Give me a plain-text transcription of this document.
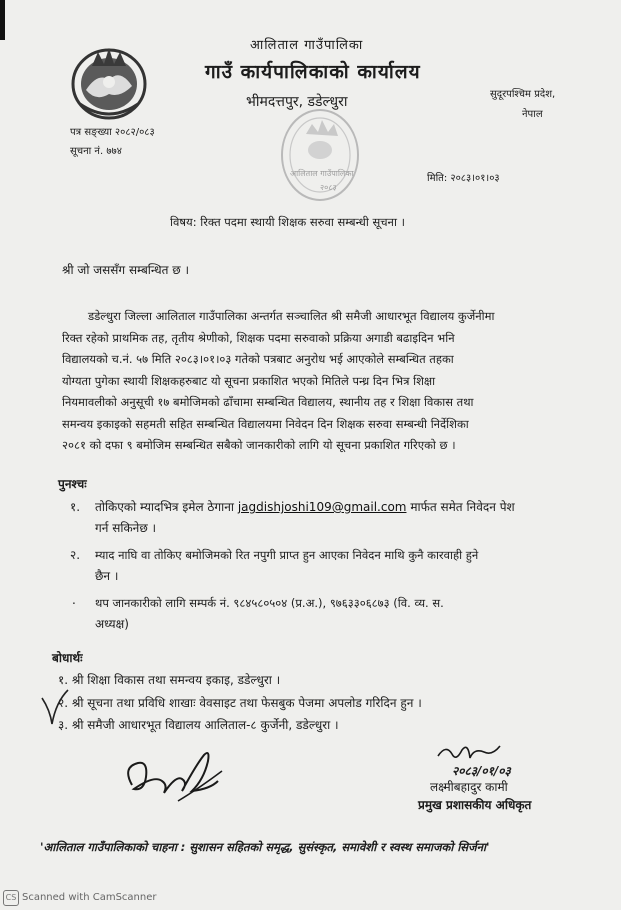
आलिताल गाउँपालिका
गाउँ कार्यपालिकाको कार्यालय
भीमदत्तपुर, डडेल्धुरा	सुदूरपश्चिम प्रदेश,
नेपाल
पत्र सङ्ख्या २०८२/०८३
सूचना नं. ७७४
मिति: २०८३।०१।०३
आलिताल गाउँपालिका
२०८३
विषय: रिक्त पदमा स्थायी शिक्षक सरुवा सम्बन्धी सूचना ।
श्री जो जससँग सम्बन्धित छ ।
डडेल्धुरा जिल्ला आलिताल गाउँपालिका अन्तर्गत सञ्चालित श्री समैजी आधारभूत विद्यालय कुर्जेनीमा
रिक्त रहेको प्राथमिक तह, तृतीय श्रेणीको, शिक्षक पदमा सरुवाको प्रक्रिया अगाडी बढाइदिन भनि
विद्यालयको च.नं. ५७ मिति २०८३।०१।०३ गतेको पत्रबाट अनुरोध भई आएकोले सम्बन्धित तहका
योग्यता पुगेका स्थायी शिक्षकहरुबाट यो सूचना प्रकाशित भएको मितिले पन्ध्र दिन भित्र शिक्षा
नियमावलीको अनुसूची १७ बमोजिमको ढाँचामा सम्बन्धित विद्यालय, स्थानीय तह र शिक्षा विकास तथा
समन्वय इकाइको सहमती सहित सम्बन्धित विद्यालयमा निवेदन दिन शिक्षक सरुवा सम्बन्धी निर्देशिका
२०८१ को दफा ९ बमोजिम सम्बन्धित सबैको जानकारीको लागि यो सूचना प्रकाशित गरिएको छ ।
पुनश्चः
१. तोकिएको म्यादभित्र इमेल ठेगाना jagdishjoshi109@gmail.com मार्फत समेत निवेदन पेश
गर्न सकिनेछ ।
२. म्याद नाघि वा तोकिए बमोजिमको रित नपुगी प्राप्त हुन आएका निवेदन माथि कुनै कारवाही हुने
छैन ।
. थप जानकारीको लागि सम्पर्क नं. ९८४५८०५०४ (प्र.अ.), ९७६३३०६८७३ (वि. व्य. स.
अध्यक्ष)
बोधार्थः
१. श्री शिक्षा विकास तथा समन्वय इकाइ, डडेल्धुरा ।
२. श्री सूचना तथा प्रविधि शाखाः वेवसाइट तथा फेसबुक पेजमा अपलोड गरिदिन हुन ।
३. श्री समैजी आधारभूत विद्यालय आलिताल-८ कुर्जेनी, डडेल्धुरा ।
२०८३/०१/०३
लक्ष्मीबहादुर कामी
प्रमुख प्रशासकीय अधिकृत
'आलिताल गाउँपालिकाको चाहना : सुशासन सहितको समृद्ध, सुसंस्कृत, समावेशी र स्वस्थ समाजको सिर्जना'
CS Scanned with CamScanner
